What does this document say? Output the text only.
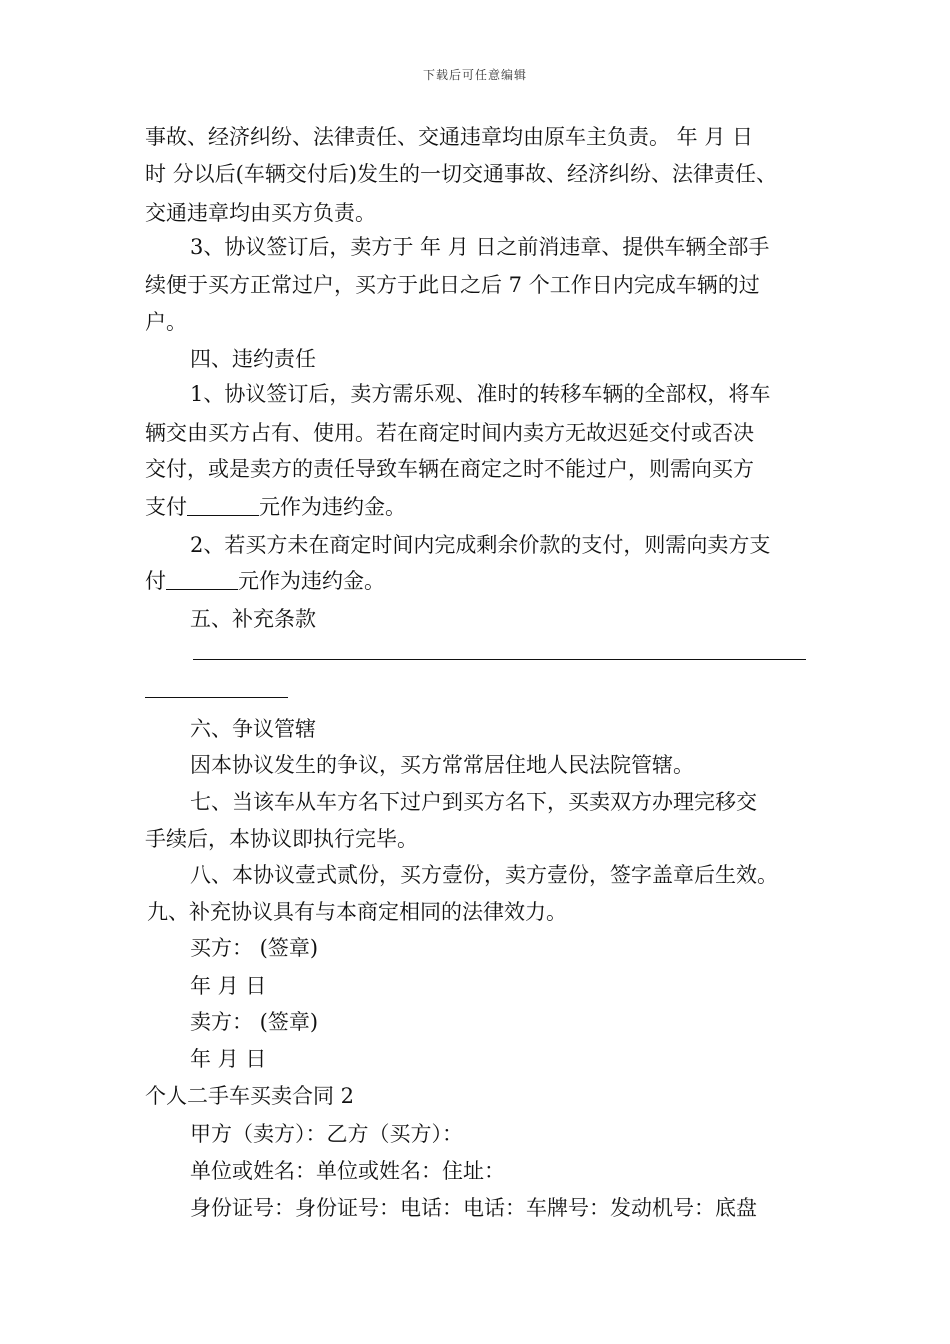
下载后可任意编辑
事故、经济纠纷、法律责任、交通违章均由原车主负责。 年 月 日
时 分以后(车辆交付后)发生的一切交通事故、经济纠纷、法律责任、
交通违章均由买方负责。
3、协议签订后，卖方于 年 月 日之前消违章、提供车辆全部手
续便于买方正常过户，买方于此日之后 7 个工作日内完成车辆的过
户。
四、违约责任
1、协议签订后，卖方需乐观、准时的转移车辆的全部权，将车
辆交由买方占有、使用。若在商定时间内卖方无故迟延交付或否决
交付，或是卖方的责任导致车辆在商定之时不能过户，则需向买方
支付	元作为违约金。
2、若买方未在商定时间内完成剩余价款的支付，则需向卖方支
付	元作为违约金。
五、补充条款
六、争议管辖
因本协议发生的争议，买方常常居住地人民法院管辖。
七、当该车从车方名下过户到买方名下，买卖双方办理完移交
手续后，本协议即执行完毕。
八、本协议壹式贰份，买方壹份，卖方壹份，签字盖章后生效。
九、补充协议具有与本商定相同的法律效力。
买方： (签章)
年 月 日
卖方： (签章)
年 月 日
个人二手车买卖合同 2
甲方（卖方）：乙方（买方）：
单位或姓名：单位或姓名：住址：
身份证号：身份证号：电话：电话：车牌号：发动机号：底盘
